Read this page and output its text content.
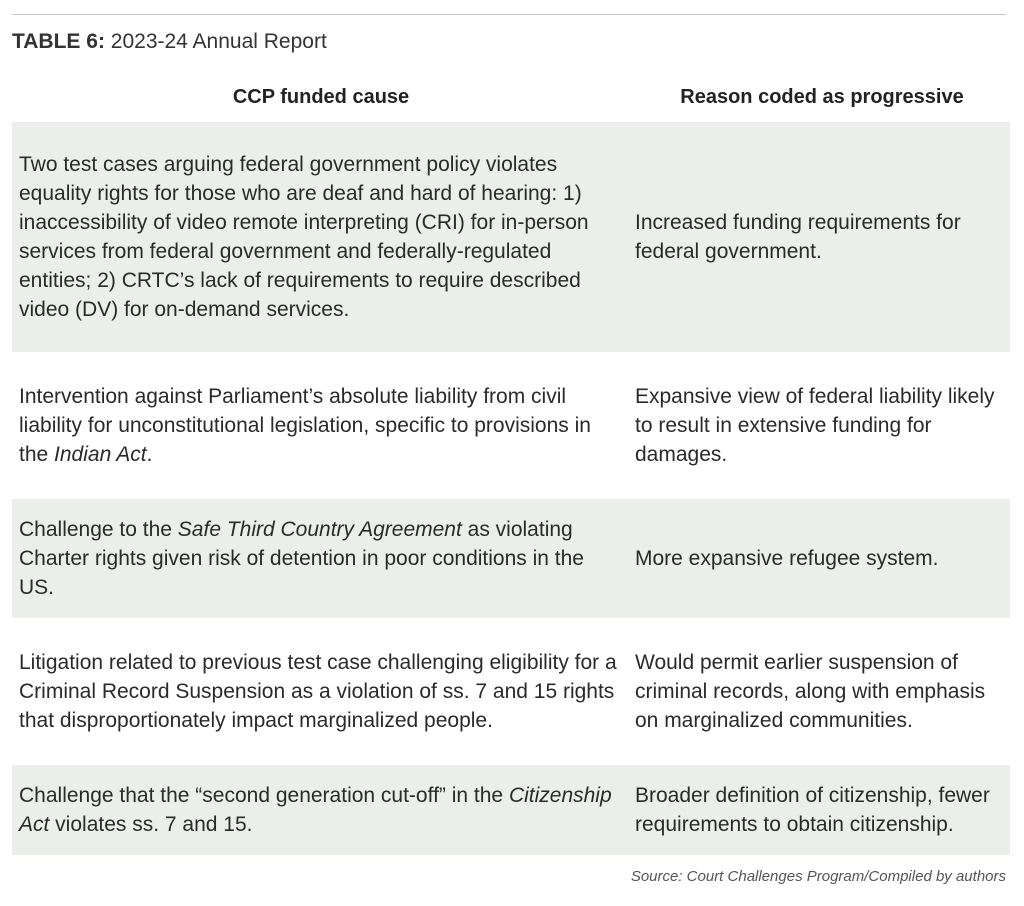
TABLE 6: 2023-24 Annual Report
CCP funded cause	Reason coded as progressive
Two test cases arguing federal government policy violates equality rights for those who are deaf and hard of hearing: 1) inaccessibility of video remote interpreting (CRI) for in-person services from federal government and federally-regulated entities; 2) CRTC’s lack of requirements to require described video (DV) for on-demand services.
Increased funding requirements for federal government.
Intervention against Parliament’s absolute liability from civil liability for unconstitutional legislation, specific to provisions in the Indian Act.
Expansive view of federal liability likely to result in extensive funding for damages.
Challenge to the Safe Third Country Agreement as violating Charter rights given risk of detention in poor conditions in the US.
More expansive refugee system.
Litigation related to previous test case challenging eligibility for a Criminal Record Suspension as a violation of ss. 7 and 15 rights that disproportionately impact marginalized people.
Would permit earlier suspension of criminal records, along with emphasis on marginalized communities.
Challenge that the “second generation cut-off” in the Citizenship Act violates ss. 7 and 15.
Broader definition of citizenship, fewer requirements to obtain citizenship.
Source: Court Challenges Program/Compiled by authors
